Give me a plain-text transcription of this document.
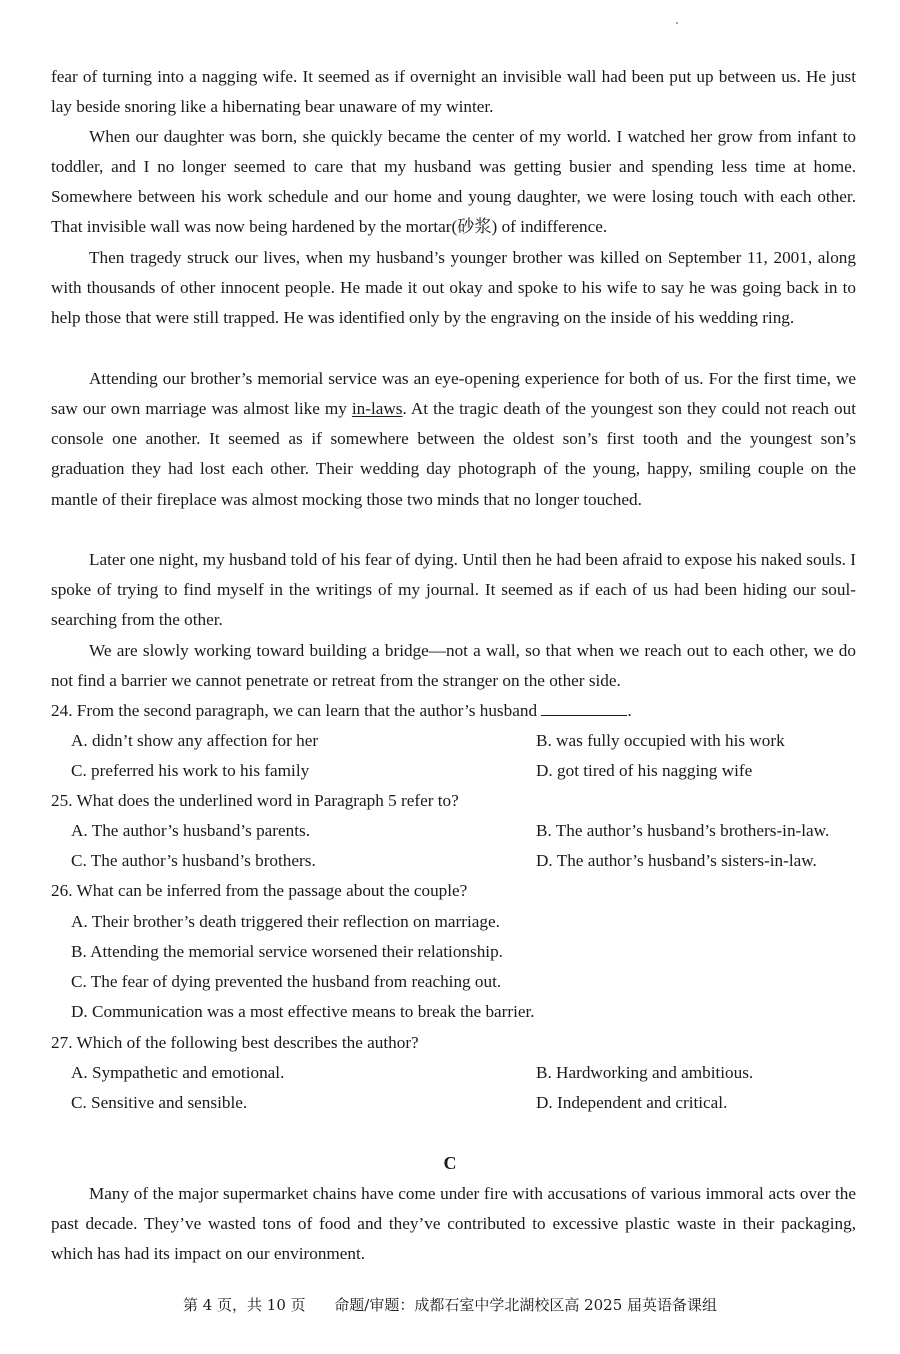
fear of turning into a nagging wife. It seemed as if overnight an invisible wall had been put up between us. He just lay beside snoring like a hibernating bear unaware of my winter.

When our daughter was born, she quickly became the center of my world. I watched her grow from infant to toddler, and I no longer seemed to care that my husband was getting busier and spending less time at home. Somewhere between his work schedule and our home and young daughter, we were losing touch with each other. That invisible wall was now being hardened by the mortar(砂浆) of indifference.

Then tragedy struck our lives, when my husband’s younger brother was killed on September 11, 2001, along with thousands of other innocent people. He made it out okay and spoke to his wife to say he was going back in to help those that were still trapped. He was identified only by the engraving on the inside of his wedding ring.

Attending our brother’s memorial service was an eye-opening experience for both of us. For the first time, we saw our own marriage was almost like my in-laws. At the tragic death of the youngest son they could not reach out console one another. It seemed as if somewhere between the oldest son’s first tooth and the youngest son’s graduation they had lost each other. Their wedding day photograph of the young, happy, smiling couple on the mantle of their fireplace was almost mocking those two minds that no longer touched.

Later one night, my husband told of his fear of dying. Until then he had been afraid to expose his naked souls. I spoke of trying to find myself in the writings of my journal. It seemed as if each of us had been hiding our soul-searching from the other.

We are slowly working toward building a bridge—not a wall, so that when we reach out to each other, we do not find a barrier we cannot penetrate or retreat from the stranger on the other side.

24. From the second paragraph, we can learn that the author’s husband	.

A. didn’t show any affection for her	B. was fully occupied with his work

C. preferred his work to his family	D. got tired of his nagging wife

25. What does the underlined word in Paragraph 5 refer to?

A. The author’s husband’s parents.	B. The author’s husband’s brothers-in-law.

C. The author’s husband’s brothers.	D. The author’s husband’s sisters-in-law.

26. What can be inferred from the passage about the couple?

A. Their brother’s death triggered their reflection on marriage.

B. Attending the memorial service worsened their relationship.

C. The fear of dying prevented the husband from reaching out.

D. Communication was a most effective means to break the barrier.

27. Which of the following best describes the author?

A. Sympathetic and emotional.	B. Hardworking and ambitious.

C. Sensitive and sensible.	D. Independent and critical.

C

Many of the major supermarket chains have come under fire with accusations of various immoral acts over the past decade. They’ve wasted tons of food and they’ve contributed to excessive plastic waste in their packaging, which has had its impact on our environment.

第 4 页，共 10 页 命题/审题：成都石室中学北湖校区高 2025 届英语备课组
